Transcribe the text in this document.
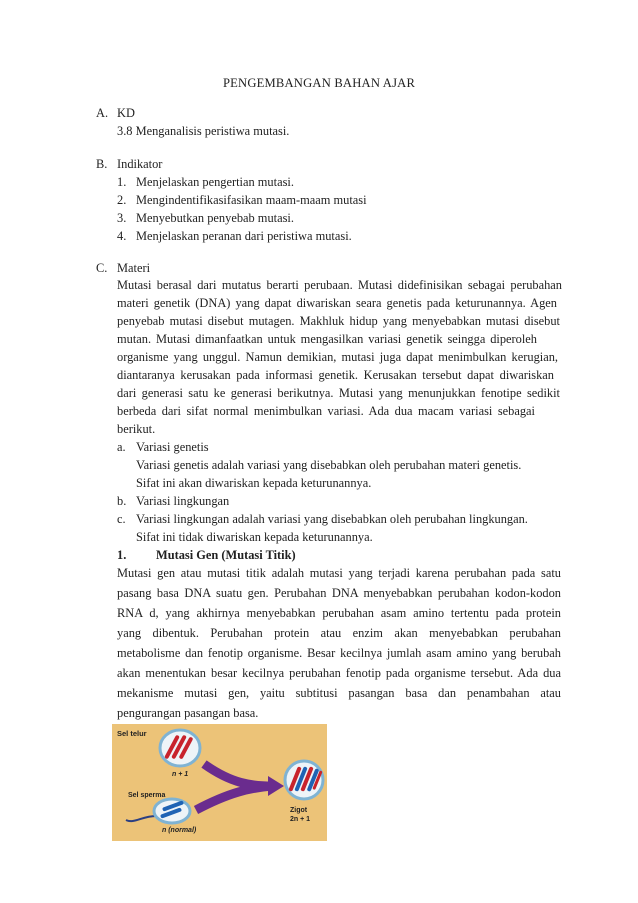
PENGEMBANGAN BAHAN AJAR
A. KD
3.8 Menganalisis peristiwa mutasi.
B. Indikator
1. Menjelaskan pengertian mutasi.
2. Mengindentifikasifasikan maam-maam mutasi
3. Menyebutkan penyebab mutasi.
4. Menjelaskan peranan dari peristiwa mutasi.
C. Materi
Mutasi berasal dari mutatus berarti perubaan. Mutasi didefinisikan sebagai perubahan
materi genetik (DNA) yang dapat diwariskan seara genetis pada keturunannya. Agen
penyebab mutasi disebut mutagen. Makhluk hidup yang menyebabkan mutasi disebut
mutan. Mutasi dimanfaatkan untuk mengasilkan variasi genetik seingga diperoleh
organisme yang unggul. Namun demikian, mutasi juga dapat menimbulkan kerugian,
diantaranya kerusakan pada informasi genetik. Kerusakan tersebut dapat diwariskan
dari generasi satu ke generasi berikutnya. Mutasi yang menunjukkan fenotipe sedikit
berbeda dari sifat normal menimbulkan variasi. Ada dua macam variasi sebagai
berikut.
a. Variasi genetis
Variasi genetis adalah variasi yang disebabkan oleh perubahan materi genetis.
Sifat ini akan diwariskan kepada keturunannya.
b. Variasi lingkungan
c. Variasi lingkungan adalah variasi yang disebabkan oleh perubahan lingkungan.
Sifat ini tidak diwariskan kepada keturunannya.
1. Mutasi Gen (Mutasi Titik)
Mutasi gen atau mutasi titik adalah mutasi yang terjadi karena perubahan pada satu
pasang basa DNA suatu gen. Perubahan DNA menyebabkan perubahan kodon-kodon
RNA d, yang akhirnya menyebabkan perubahan asam amino tertentu pada protein
yang dibentuk. Perubahan protein atau enzim akan menyebabkan perubahan
metabolisme dan fenotip organisme. Besar kecilnya jumlah asam amino yang berubah
akan menentukan besar kecilnya perubahan fenotip pada organisme tersebut. Ada dua
mekanisme mutasi gen, yaitu subtitusi pasangan basa dan penambahan atau
pengurangan pasangan basa.
Sel telur
n + 1
Sel sperma
n (normal)
Zigot
2n + 1
